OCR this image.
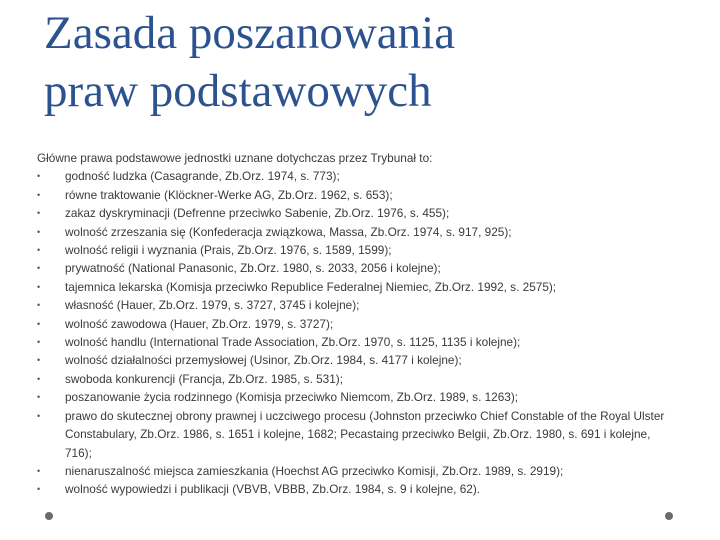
Zasada poszanowania
praw podstawowych

Główne prawa podstawowe jednostki uznane dotychczas przez Trybunał to:

•	godność ludzka (Casagrande, Zb.Orz. 1974, s. 773);
•	równe traktowanie (Klöckner-Werke AG, Zb.Orz. 1962, s. 653);
•	zakaz dyskryminacji (Defrenne przeciwko Sabenie, Zb.Orz. 1976, s. 455);
•	wolność zrzeszania się (Konfederacja związkowa, Massa, Zb.Orz. 1974, s. 917, 925);
•	wolność religii i wyznania (Prais, Zb.Orz. 1976, s. 1589, 1599);
•	prywatność (National Panasonic, Zb.Orz. 1980, s. 2033, 2056 i kolejne);
•	tajemnica lekarska (Komisja przeciwko Republice Federalnej Niemiec, Zb.Orz. 1992, s. 2575);
•	własność (Hauer, Zb.Orz. 1979, s. 3727, 3745 i kolejne);
•	wolność zawodowa (Hauer, Zb.Orz. 1979, s. 3727);
•	wolność handlu (International Trade Association, Zb.Orz. 1970, s. 1125, 1135 i kolejne);
•	wolność działalności przemysłowej (Usinor, Zb.Orz. 1984, s. 4177 i kolejne);
•	swoboda konkurencji (Francja, Zb.Orz. 1985, s. 531);
•	poszanowanie życia rodzinnego (Komisja przeciwko Niemcom, Zb.Orz. 1989, s. 1263);
•	prawo do skutecznej obrony prawnej i uczciwego procesu (Johnston przeciwko Chief Constable of the Royal Ulster Constabulary, Zb.Orz. 1986, s. 1651 i kolejne, 1682; Pecastaing przeciwko Belgii, Zb.Orz. 1980, s. 691 i kolejne, 716);
•	nienaruszalność miejsca zamieszkania (Hoechst AG przeciwko Komisji, Zb.Orz. 1989, s. 2919);
•	wolność wypowiedzi i publikacji (VBVB, VBBB, Zb.Orz. 1984, s. 9 i kolejne, 62).
